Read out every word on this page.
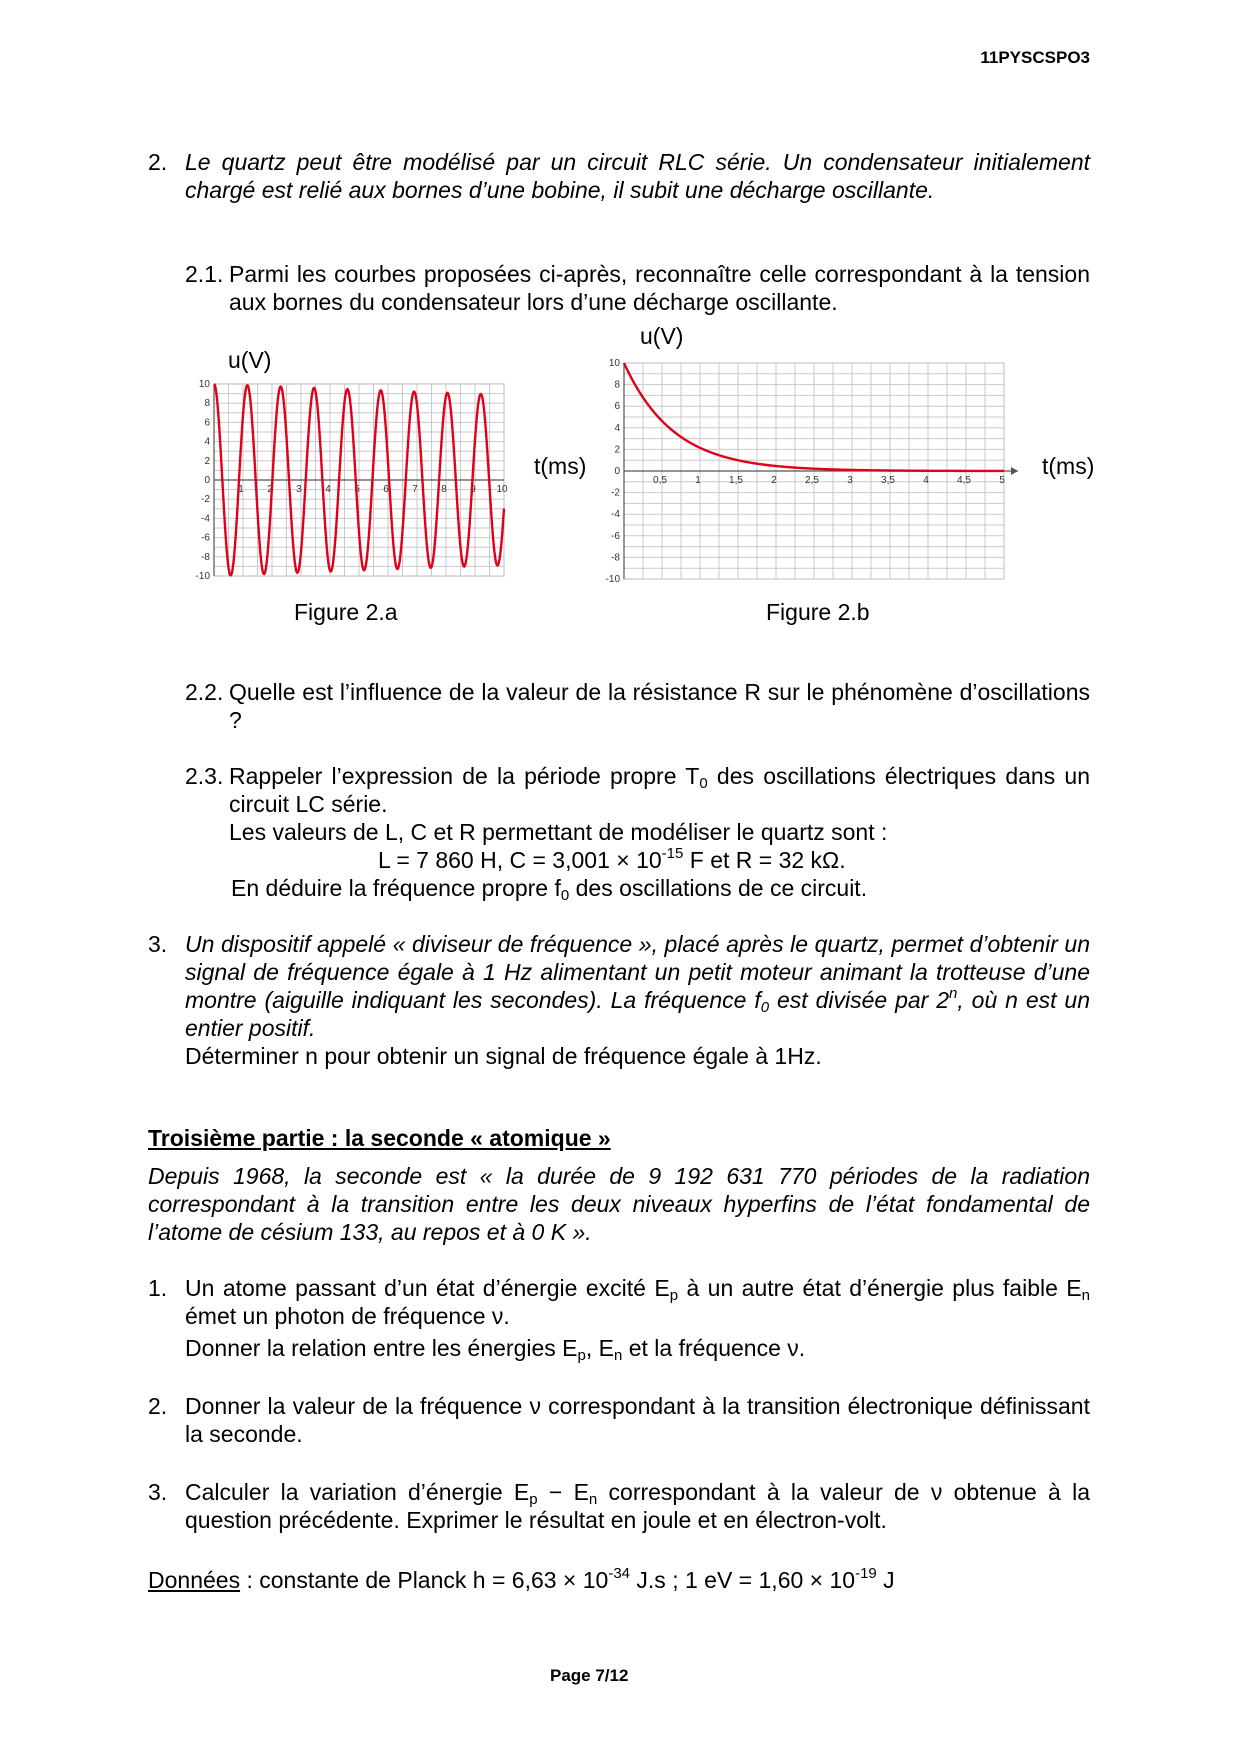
11PYSCSPO3
2. Le quartz peut être modélisé par un circuit RLC série. Un condensateur initialement chargé est relié aux bornes d’une bobine, il subit une décharge oscillante.
2.1. Parmi les courbes proposées ci-après, reconnaître celle correspondant à la tension aux bornes du condensateur lors d’une décharge oscillante.
u(V)
t(ms)
10
8
6
4
2
0
-2
-4
-6
-8
-10
1 2 3 4 5 6 7 8 9 10
Figure 2.a
u(V)
t(ms)
10
8
6
4
2
0
-2
-4
-6
-8
-10
0,5	1	1,5	2	2,5	3	3,5	4	4,5	5
Figure 2.b
2.2. Quelle est l’influence de la valeur de la résistance R sur le phénomène d’oscillations ?
2.3. Rappeler l’expression de la période propre $T_0$ des oscillations électriques dans un circuit LC série.
Les valeurs de L, C et R permettant de modéliser le quartz sont :
L = 7 860 H, $C = 3,001 \times 10^{-15}$ F et R = 32 kΩ.
En déduire la fréquence propre $f_0$ des oscillations de ce circuit.
3. Un dispositif appelé « diviseur de fréquence », placé après le quartz, permet d’obtenir un signal de fréquence égale à 1 Hz alimentant un petit moteur animant la trotteuse d’une montre (aiguille indiquant les secondes). La fréquence $f_0$ est divisée par 2$^n$, où n est un entier positif.
Déterminer n pour obtenir un signal de fréquence égale à 1Hz.
Troisième partie : la seconde « atomique »
Depuis 1968, la seconde est « la durée de 9 192 631 770 périodes de la radiation correspondant à la transition entre les deux niveaux hyperfins de l’état fondamental de l’atome de césium 133, au repos et à 0 K ».
1. Un atome passant d’un état d’énergie excité $E_p$ à un autre état d’énergie plus faible $E_n$ émet un photon de fréquence ν.
Donner la relation entre les énergies $E_p$, $E_n$ et la fréquence ν.
2. Donner la valeur de la fréquence ν correspondant à la transition électronique définissant la seconde.
3. Calculer la variation d’énergie $E_p - E_n$ correspondant à la valeur de ν obtenue à la question précédente. Exprimer le résultat en joule et en électron-volt.
Données : constante de Planck $h = 6,63 \times 10^{-34}$ J.s ; 1 eV = $1,60 \times 10^{-19}$ J
Page 7/12
